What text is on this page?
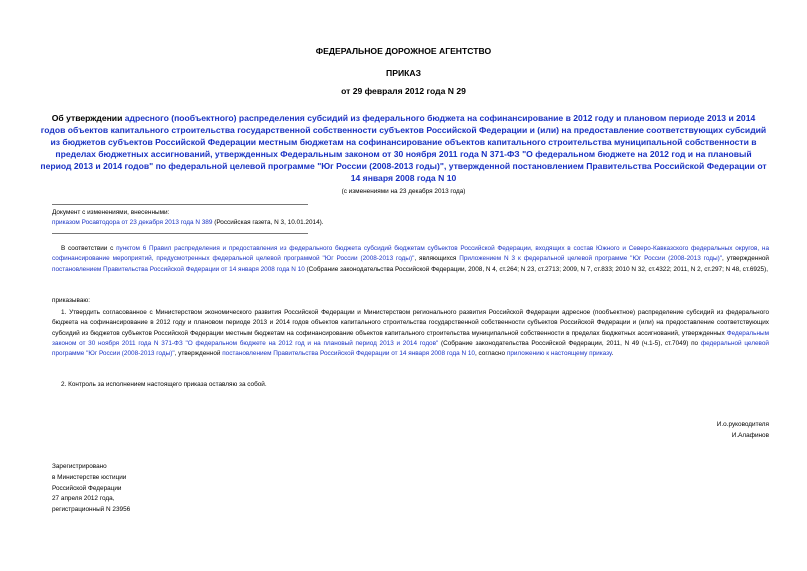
ФЕДЕРАЛЬНОЕ ДОРОЖНОЕ АГЕНТСТВО
ПРИКАЗ
от 29 февраля 2012 года N 29
Об утверждении адресного (пообъектного) распределения субсидий из федерального бюджета на софинансирование в 2012 году и плановом периоде 2013 и 2014 годов объектов капитального строительства государственной собственности субъектов Российской Федерации и (или) на предоставление соответствующих субсидий из бюджетов субъектов Российской Федерации местным бюджетам на софинансирование объектов капитального строительства муниципальной собственности в пределах бюджетных ассигнований, утвержденных Федеральным законом от 30 ноября 2011 года N 371-ФЗ "О федеральном бюджете на 2012 год и на плановый период 2013 и 2014 годов" по федеральной целевой программе "Юг России (2008-2013 годы)", утвержденной постановлением Правительства Российской Федерации от 14 января 2008 года N 10
(с изменениями на 23 декабря 2013 года)
Документ с изменениями, внесенными:
приказом Росавтодора от 23 декабря 2013 года N 389 (Российская газета, N 3, 10.01.2014).
В соответствии с пунктом 6 Правил распределения и предоставления из федерального бюджета субсидий бюджетам субъектов Российской Федерации, входящих в состав Южного и Северо-Кавказского федеральных округов, на софинансирование мероприятий, предусмотренных федеральной целевой программой "Юг России (2008-2013 годы)", являющихся Приложением N 3 к федеральной целевой программе "Юг России (2008-2013 годы)", утвержденной постановлением Правительства Российской Федерации от 14 января 2008 года N 10 (Собрание законодательства Российской Федерации, 2008, N 4, ст.264; N 23, ст.2713; 2009, N 7, ст.833; 2010 N 32, ст.4322; 2011, N 2, ст.297; N 48, ст.6925),
приказываю:
1. Утвердить согласованное с Министерством экономического развития Российской Федерации и Министерством регионального развития Российской Федерации адресное (пообъектное) распределение субсидий из федерального бюджета на софинансирование в 2012 году и плановом периоде 2013 и 2014 годов объектов капитального строительства государственной собственности субъектов Российской Федерации и (или) на предоставление соответствующих субсидий из бюджетов субъектов Российской Федерации местным бюджетам на софинансирование объектов капитального строительства муниципальной собственности в пределах бюджетных ассигнований, утвержденных Федеральным законом от 30 ноября 2011 года N 371-ФЗ "О федеральном бюджете на 2012 год и на плановый период 2013 и 2014 годов" (Собрание законодательства Российской Федерации, 2011, N 49 (ч.1-5), ст.7049) по федеральной целевой программе "Юг России (2008-2013 годы)", утвержденной постановлением Правительства Российской Федерации от 14 января 2008 года N 10, согласно приложению к настоящему приказу.
2. Контроль за исполнением настоящего приказа оставляю за собой.
И.о.руководителя
И.Алафинов
Зарегистрировано
в Министерстве юстиции
Российской Федерации
27 апреля 2012 года,
регистрационный N 23956
